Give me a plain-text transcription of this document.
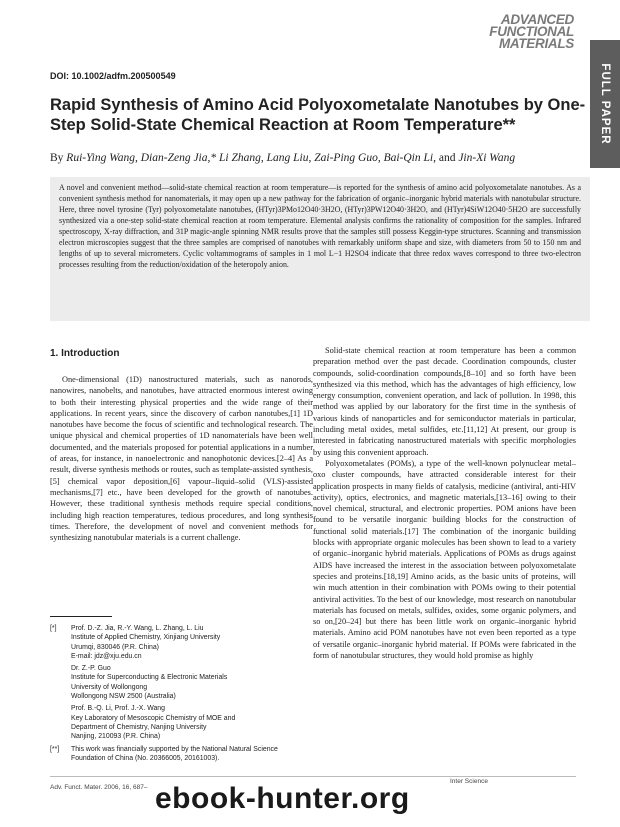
ADVANCED
FUNCTIONAL
MATERIALS
FULL PAPER
DOI: 10.1002/adfm.200500549
Rapid Synthesis of Amino Acid Polyoxometalate Nanotubes by One-Step Solid-State Chemical Reaction at Room Temperature**
By Rui-Ying Wang, Dian-Zeng Jia,* Li Zhang, Lang Liu, Zai-Ping Guo, Bai-Qin Li, and Jin-Xi Wang
A novel and convenient method—solid-state chemical reaction at room temperature—is reported for the synthesis of amino acid polyoxometalate nanotubes. As a convenient synthesis method for nanomaterials, it may open up a new pathway for the fabrication of organic–inorganic hybrid materials with nanotubular structure. Here, three novel tyrosine (Tyr) polyoxometalate nanotubes, (HTyr)3PMo12O40·3H2O, (HTyr)3PW12O40·3H2O, and (HTyr)4SiW12O40·5H2O are successfully synthesized via a one-step solid-state chemical reaction at room temperature. Elemental analysis confirms the rationality of composition for the samples. Infrared spectroscopy, X-ray diffraction, and 31P magic-angle spinning NMR results prove that the samples still possess Keggin-type structures. Scanning and transmission electron microscopies suggest that the three samples are comprised of nanotubes with remarkably uniform shape and size, with diameters from 50 to 150 nm and lengths of up to several micrometers. Cyclic voltammograms of samples in 1 mol L−1 H2SO4 indicate that three redox waves correspond to three two-electron processes resulting from the reduction/oxidation of the heteropoly anion.
1. Introduction

One-dimensional (1D) nanostructured materials, such as nanorods, nanowires, nanobelts, and nanotubes, have attracted enormous interest owing to both their interesting physical properties and the wide range of their applications. In recent years, since the discovery of carbon nanotubes,[1] 1D nanotubes have become the focus of scientific and technological research. The unique physical and chemical properties of 1D nanomaterials have been well documented, and the materials proposed for potential applications in a number of areas, for instance, in nanoelectronic and nanophotonic devices.[2–4] As a result, diverse synthesis methods or routes, such as template-assisted synthesis,[5] chemical vapor deposition,[6] vapour–liquid–solid (VLS)-assisted mechanisms,[7] etc., have been developed for the growth of nanotubes. However, these traditional synthesis methods require special conditions, including high reaction temperatures, tedious procedures, and long synthesis times. Therefore, the development of novel and convenient methods for synthesizing nanotubular materials is a current challenge.

Solid-state chemical reaction at room temperature has been a common preparation method over the past decade. Coordination compounds, cluster compounds, solid-coordination compounds,[8–10] and so forth have been synthesized via this method, which has the advantages of high efficiency, low energy consumption, convenient operation, and lack of pollution. In 1998, this method was applied by our laboratory for the first time in the synthesis of various kinds of nanoparticles and for semiconductor materials in particular, including metal oxides, metal sulfides, etc.[11,12] At present, our group is interested in fabricating nanostructured materials with specific morphologies by using this convenient approach.

Polyoxometalates (POMs), a type of the well-known polynuclear metal–oxo cluster compounds, have attracted considerable interest for their application prospects in many fields of catalysis, medicine (antiviral, anti-HIV activity), optics, electronics, and magnetic materials,[13–16] owing to their novel chemical, structural, and electronic properties. POM anions have been found to be versatile inorganic building blocks for the construction of functional solid materials.[17] The combination of the inorganic building blocks with appropriate organic molecules has been shown to lead to a variety of organic–inorganic hybrid materials. Applications of POMs as drugs against AIDS have increased the interest in the association between polyoxometalate species and proteins.[18,19] Amino acids, as the basic units of proteins, will win much attention in their combination with POMs owing to their potential antiviral activities. To the best of our knowledge, most research on nanotubular materials has focused on metals, sulfides, oxides, some organic polymers, and so on,[20–24] but there has been little work on organic–inorganic hybrid materials. Amino acid POM nanotubes have not even been reported as a type of versatile organic–inorganic hybrid material. If POMs were fabricated in the form of nanotubular structures, they would hold promise as highly

[*]	Prof. D.-Z. Jia, R.-Y. Wang, L. Zhang, L. Liu
Institute of Applied Chemistry, Xinjiang University
Urumqi, 830046 (P.R. China)
E-mail: jdz@xju.edu.cn
Dr. Z.-P. Guo
Institute for Superconducting & Electronic Materials
University of Wollongong
Wollongong NSW 2500 (Australia)
Prof. B.-Q. Li, Prof. J.-X. Wang
Key Laboratory of Mesoscopic Chemistry of MOE and
Department of Chemistry, Nanjing University
Nanjing, 210093 (P.R. China)
[**]	This work was financially supported by the National Natural Science
Foundation of China (No. 20366005, 20161003).
Adv. Funct. Mater. 2006, 16, 687–
Inter Science
ebook-hunter.org
